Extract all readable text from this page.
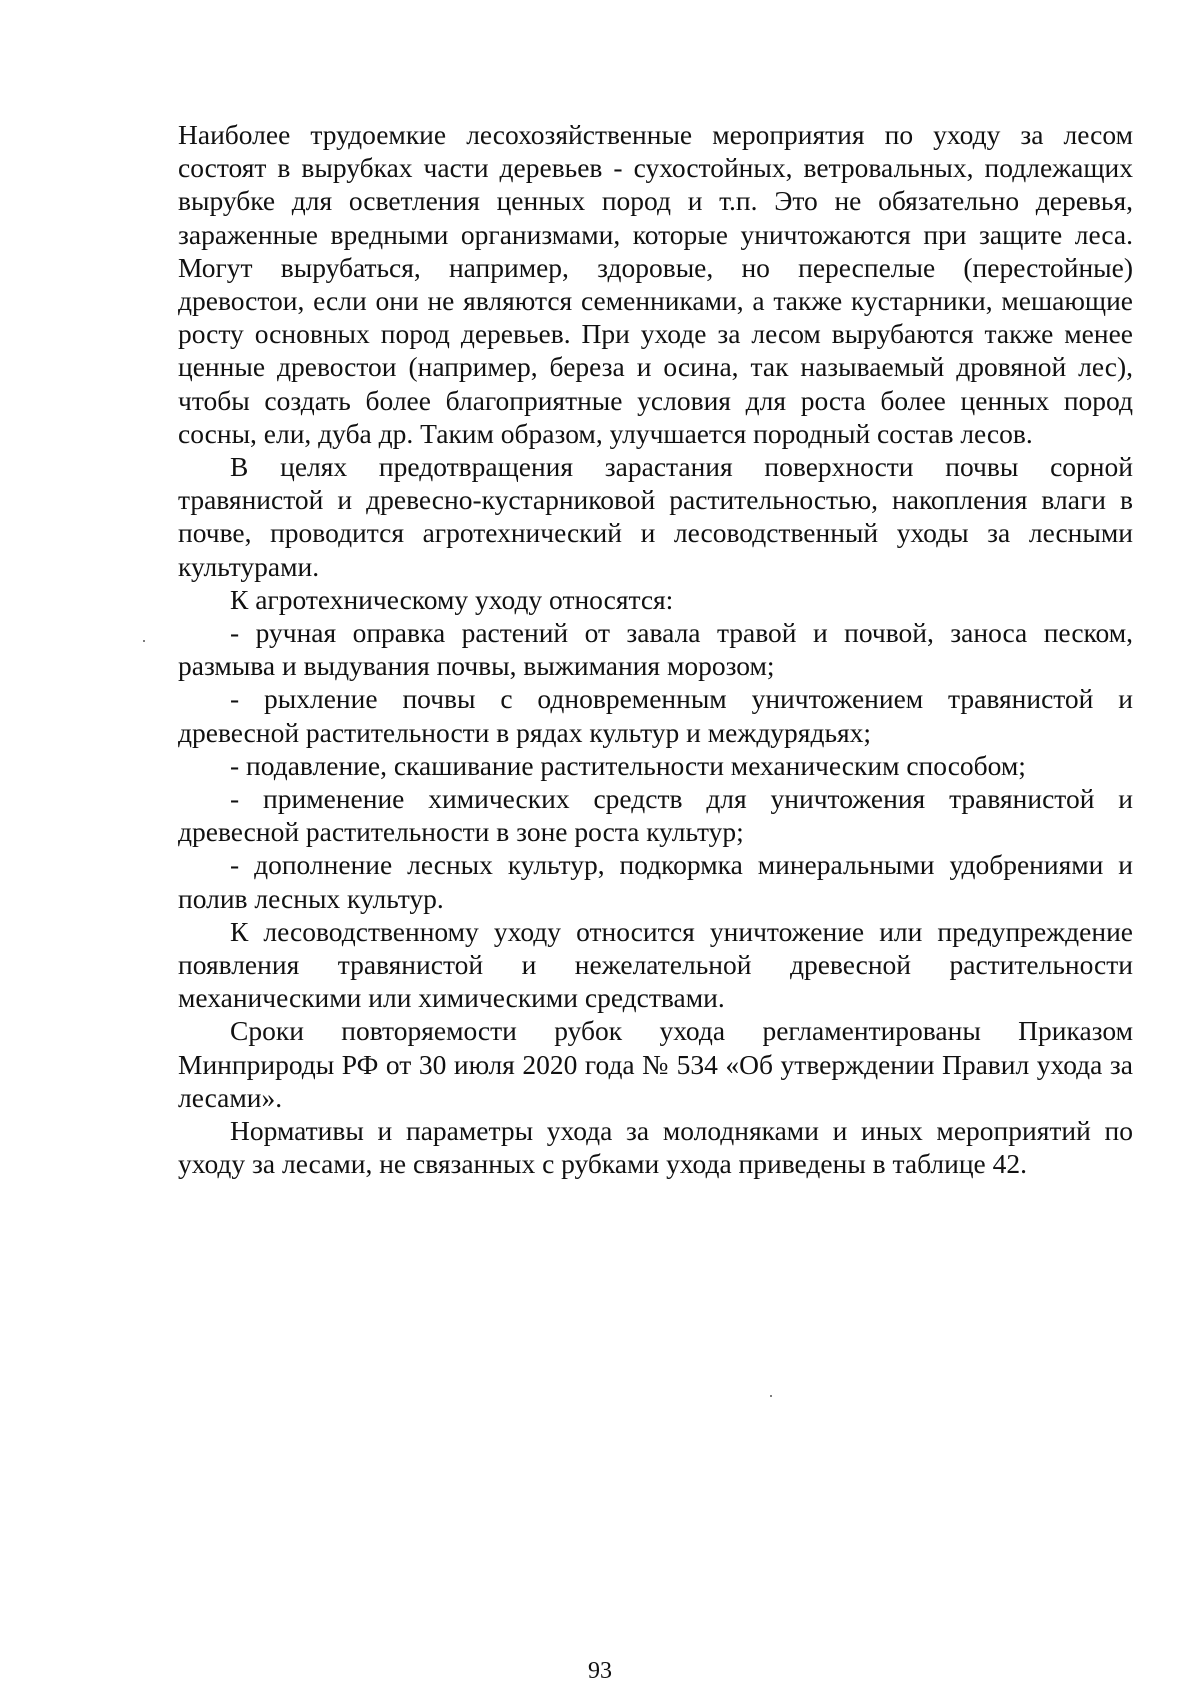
Наиболее трудоемкие лесохозяйственные мероприятия по уходу за лесом состоят в вырубках части деревьев - сухостойных, ветровальных, подлежащих вырубке для осветления ценных пород и т.п. Это не обязательно деревья, зараженные вредными организмами, которые уничтожаются при защите леса. Могут вырубаться, например, здоровые, но переспелые (перестойные) древостои, если они не являются семенниками, а также кустарники, мешающие росту основных пород деревьев. При уходе за лесом вырубаются также менее ценные древостои (например, береза и осина, так называемый дровяной лес), чтобы создать более благоприятные условия для роста более ценных пород сосны, ели, дуба др. Таким образом, улучшается породный состав лесов.

В целях предотвращения зарастания поверхности почвы сорной травянистой и древесно-кустарниковой растительностью, накопления влаги в почве, проводится агротехнический и лесоводственный уходы за лесными культурами.

К агротехническому уходу относятся:

- ручная оправка растений от завала травой и почвой, заноса песком, размыва и выдувания почвы, выжимания морозом;

- рыхление почвы с одновременным уничтожением травянистой и древесной растительности в рядах культур и междурядьях;

- подавление, скашивание растительности механическим способом;

- применение химических средств для уничтожения травянистой и древесной растительности в зоне роста культур;

- дополнение лесных культур, подкормка минеральными удобрениями и полив лесных культур.

К лесоводственному уходу относится уничтожение или предупреждение появления травянистой и нежелательной древесной растительности механическими или химическими средствами.

Сроки повторяемости рубок ухода регламентированы Приказом Минприроды РФ от 30 июля 2020 года № 534 «Об утверждении Правил ухода за лесами».

Нормативы и параметры ухода за молодняками и иных мероприятий по уходу за лесами, не связанных с рубками ухода приведены в таблице 42.

93
